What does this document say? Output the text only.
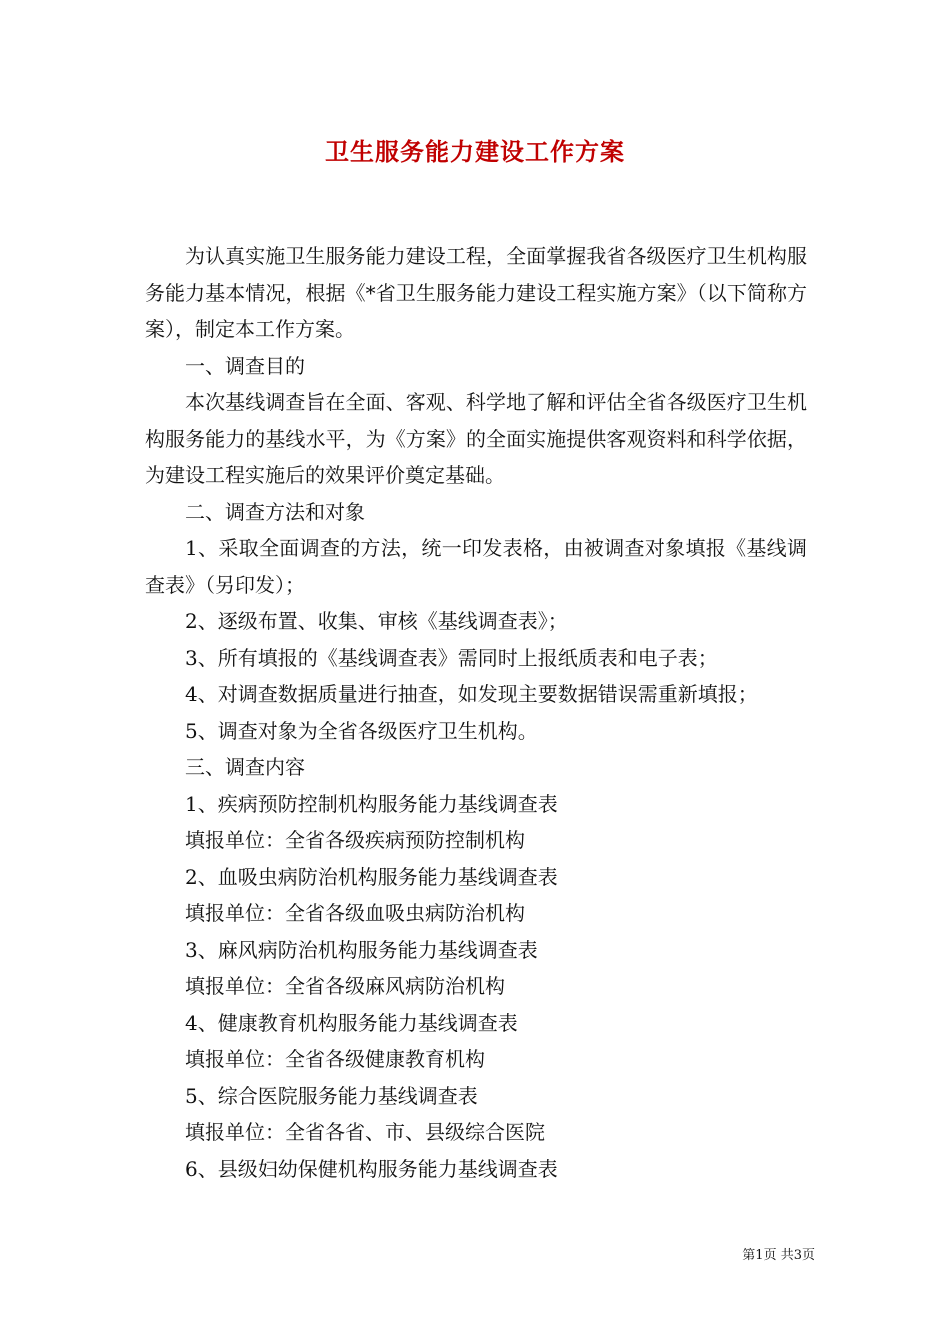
卫生服务能力建设工作方案

为认真实施卫生服务能力建设工程，全面掌握我省各级医疗卫生机构服务能力基本情况，根据《*省卫生服务能力建设工程实施方案》（以下简称方案），制定本工作方案。

一、调查目的

本次基线调查旨在全面、客观、科学地了解和评估全省各级医疗卫生机构服务能力的基线水平，为《方案》的全面实施提供客观资料和科学依据，为建设工程实施后的效果评价奠定基础。

二、调查方法和对象

1、采取全面调查的方法，统一印发表格，由被调查对象填报《基线调查表》（另印发）；

2、逐级布置、收集、审核《基线调查表》；

3、所有填报的《基线调查表》需同时上报纸质表和电子表；

4、对调查数据质量进行抽查，如发现主要数据错误需重新填报；

5、调查对象为全省各级医疗卫生机构。

三、调查内容

1、疾病预防控制机构服务能力基线调查表

填报单位：全省各级疾病预防控制机构

2、血吸虫病防治机构服务能力基线调查表

填报单位：全省各级血吸虫病防治机构

3、麻风病防治机构服务能力基线调查表

填报单位：全省各级麻风病防治机构

4、健康教育机构服务能力基线调查表

填报单位：全省各级健康教育机构

5、综合医院服务能力基线调查表

填报单位：全省各省、市、县级综合医院

6、县级妇幼保健机构服务能力基线调查表

第1页 共3页
